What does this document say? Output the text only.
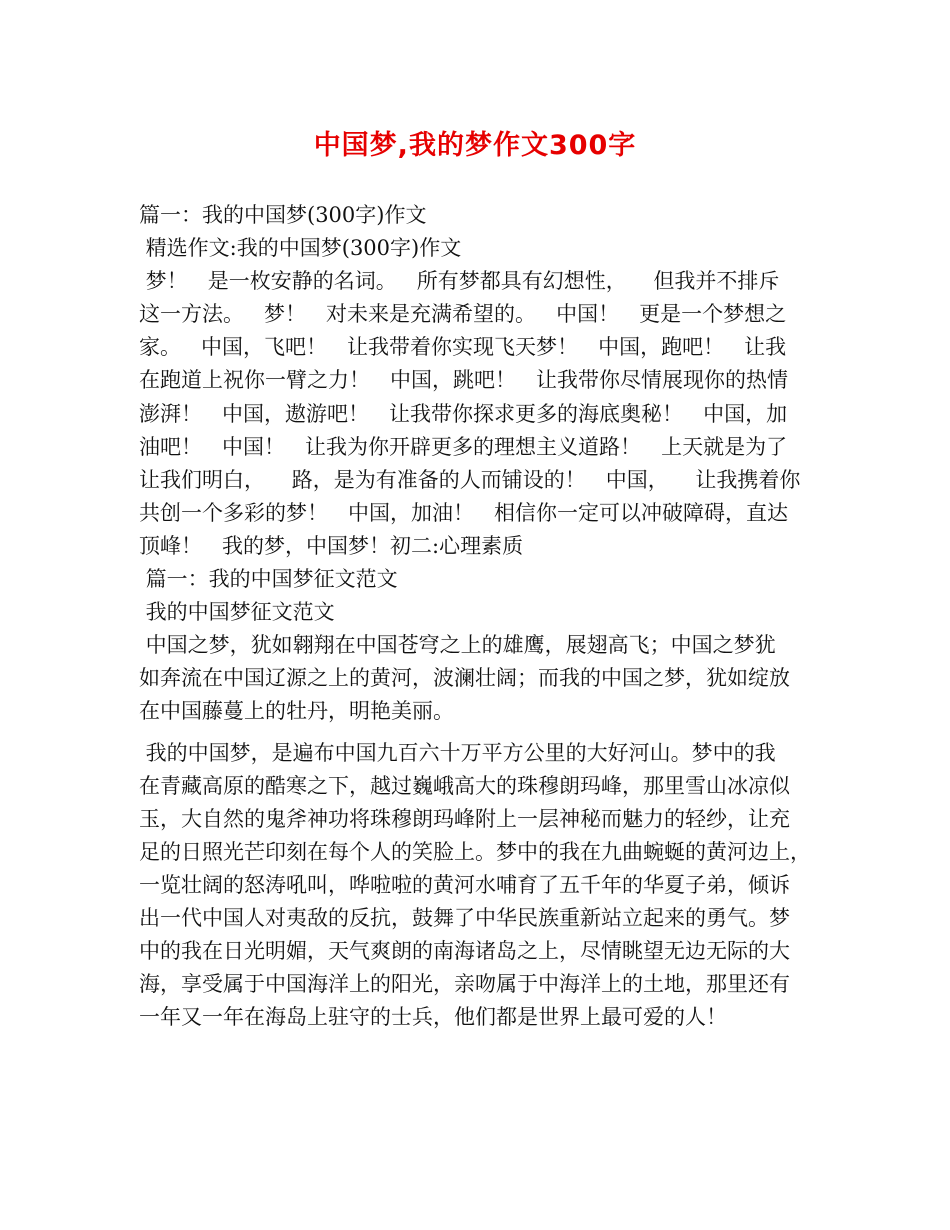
中国梦,我的梦作文300字
篇一：我的中国梦(300字)作文
精选作文:我的中国梦(300字)作文
梦！   是一枚安静的名词。   所有梦都具有幻想性，    但我并不排斥
这一方法。   梦！   对未来是充满希望的。   中国！   更是一个梦想之
家。   中国，飞吧！   让我带着你实现飞天梦！   中国，跑吧！   让我
在跑道上祝你一臂之力！   中国，跳吧！   让我带你尽情展现你的热情
澎湃！   中国，遨游吧！   让我带你探求更多的海底奥秘！   中国，加
油吧！   中国！   让我为你开辟更多的理想主义道路！   上天就是为了
让我们明白，    路，是为有准备的人而铺设的！   中国，    让我携着你
共创一个多彩的梦！   中国，加油！   相信你一定可以冲破障碍，直达
顶峰！   我的梦，中国梦！初二:心理素质
篇一：我的中国梦征文范文
我的中国梦征文范文
中国之梦，犹如翱翔在中国苍穹之上的雄鹰，展翅高飞；中国之梦犹
如奔流在中国辽源之上的黄河，波澜壮阔；而我的中国之梦，犹如绽放
在中国藤蔓上的牡丹，明艳美丽。
我的中国梦，是遍布中国九百六十万平方公里的大好河山。梦中的我
在青藏高原的酷寒之下，越过巍峨高大的珠穆朗玛峰，那里雪山冰凉似
玉，大自然的鬼斧神功将珠穆朗玛峰附上一层神秘而魅力的轻纱，让充
足的日照光芒印刻在每个人的笑脸上。梦中的我在九曲蜿蜒的黄河边上，
一览壮阔的怒涛吼叫，哗啦啦的黄河水哺育了五千年的华夏子弟，倾诉
出一代中国人对夷敌的反抗，鼓舞了中华民族重新站立起来的勇气。梦
中的我在日光明媚，天气爽朗的南海诸岛之上，尽情眺望无边无际的大
海，享受属于中国海洋上的阳光，亲吻属于中海洋上的土地，那里还有
一年又一年在海岛上驻守的士兵，他们都是世界上最可爱的人！
